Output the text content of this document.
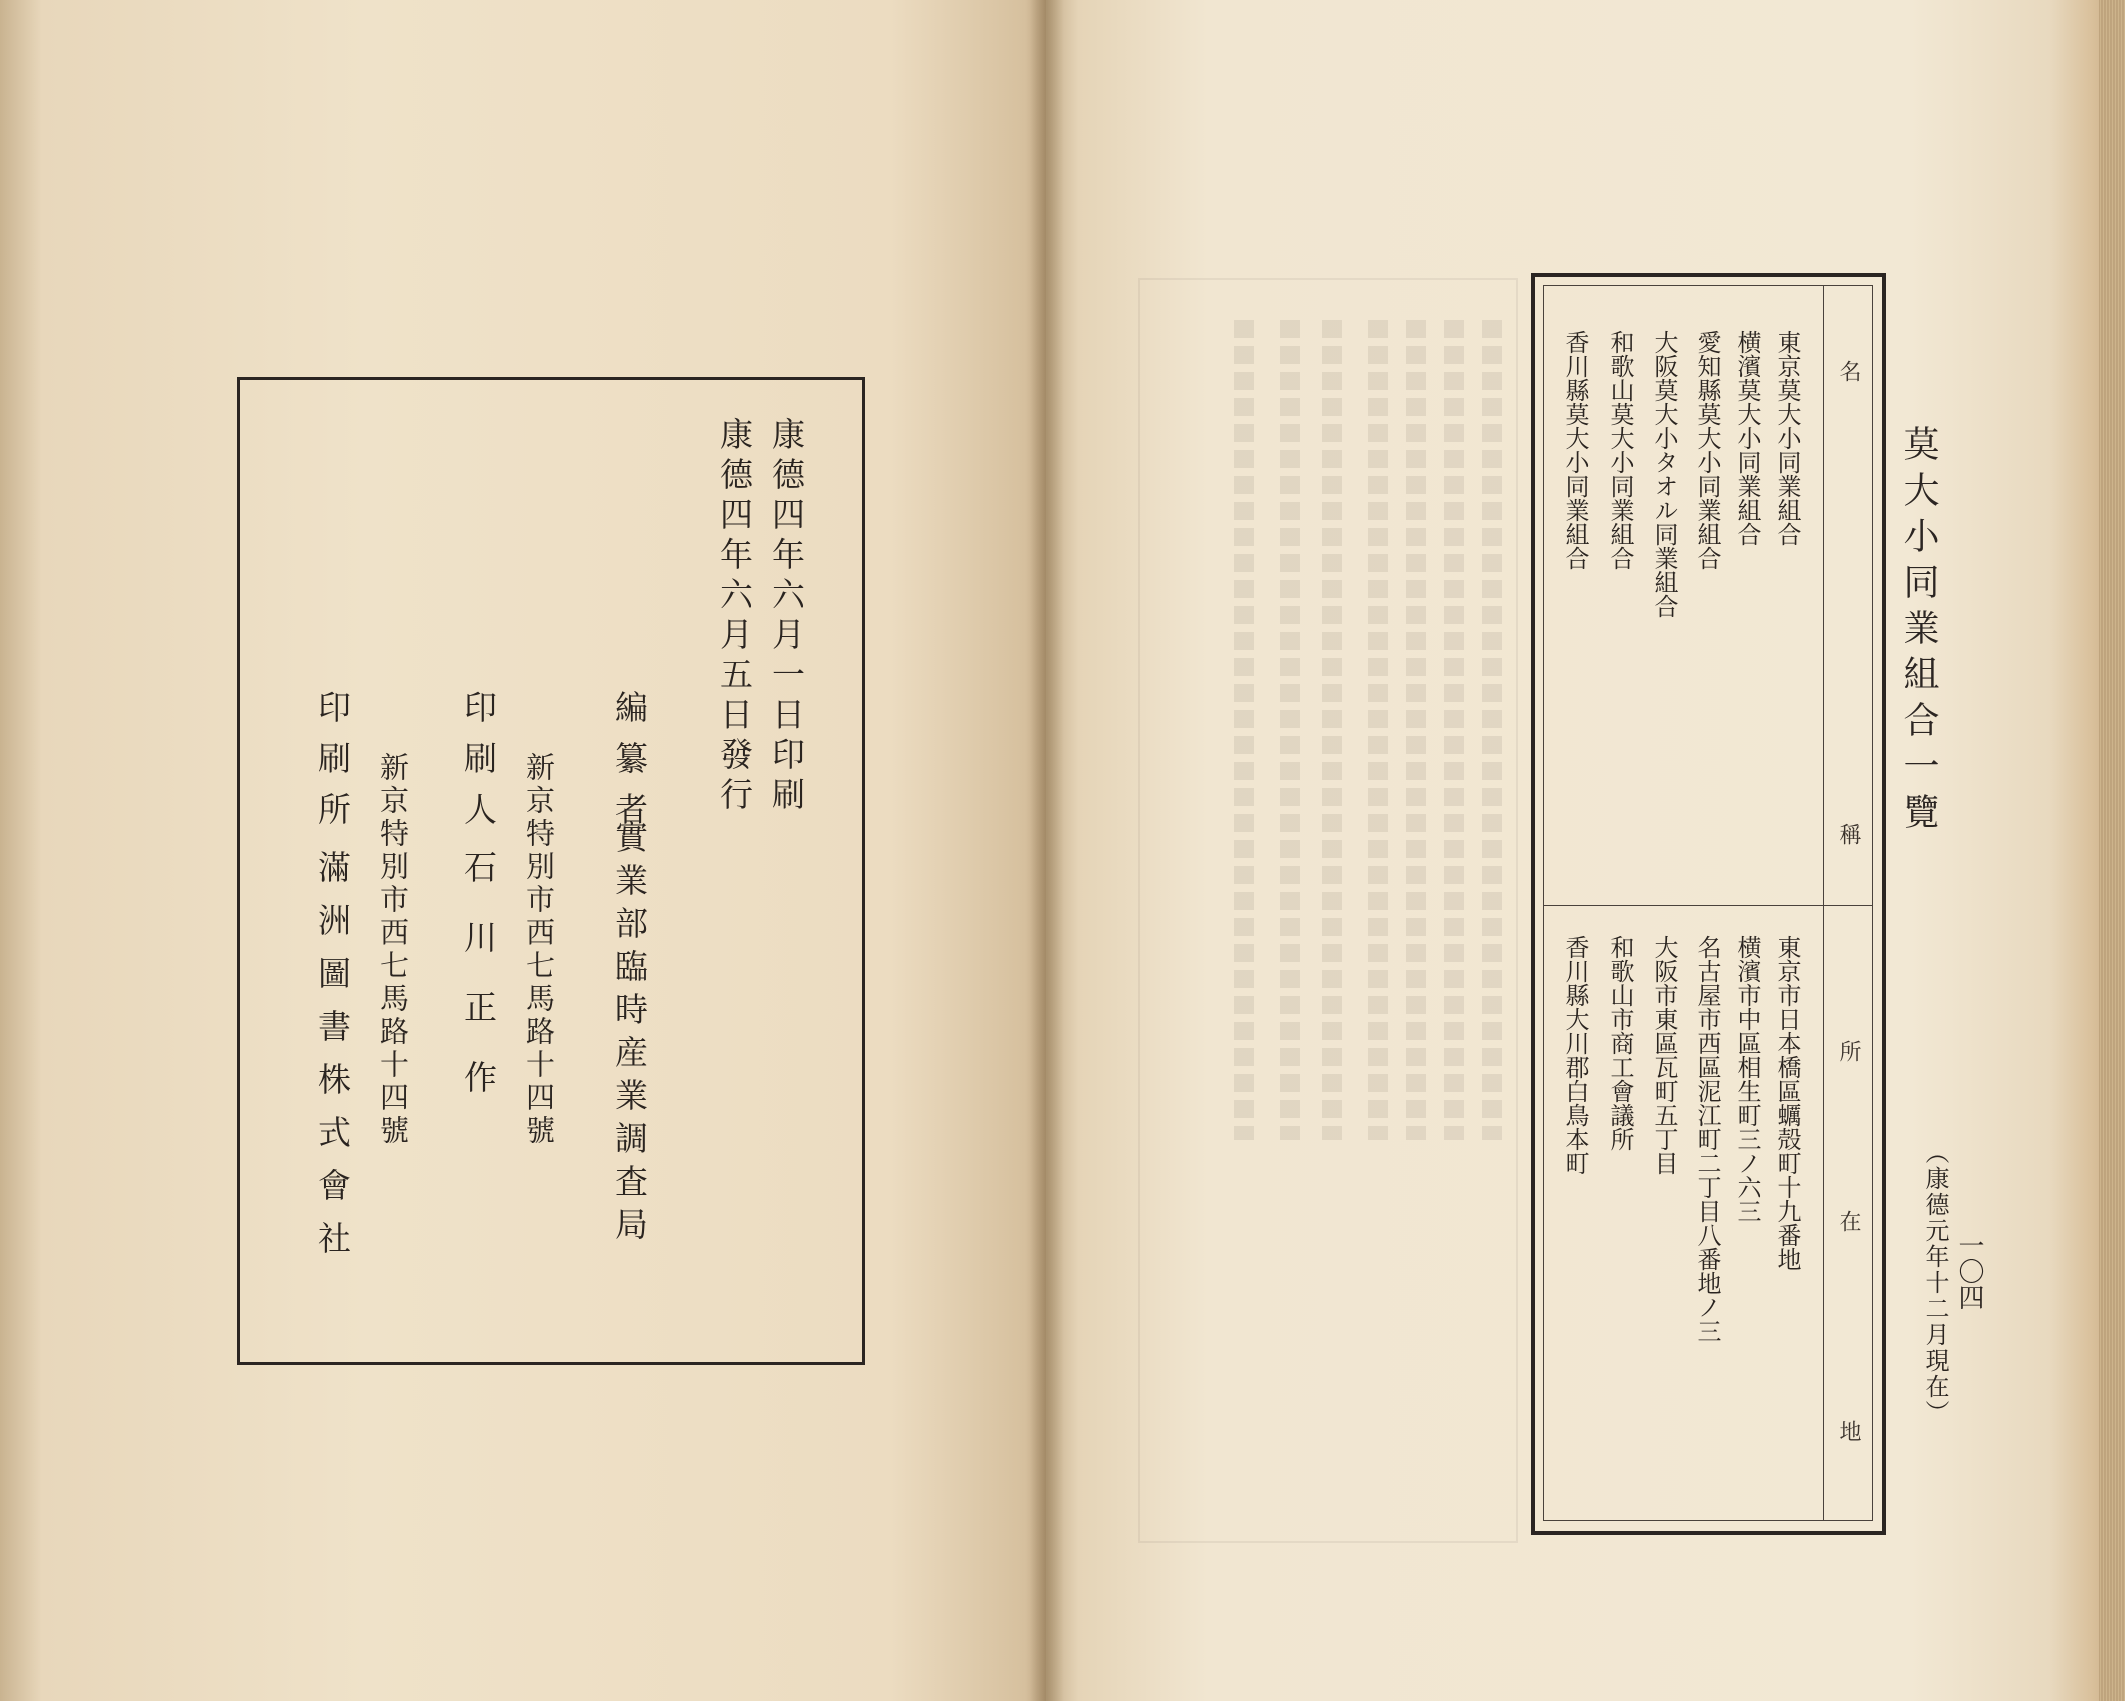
康德四年六月一日印刷
康德四年六月五日發行
編纂者
實業部臨時産業調査局
新京特別市西七馬路十四號
印刷人
石　川　正　作
新京特別市西七馬路十四號
印刷所
滿洲圖書株式會社
莫大小同業組合一覽
（康德元年十二月現在） 一〇四
名
稱
所
在
地
東京莫大小同業組合
横濱莫大小同業組合
愛知縣莫大小同業組合
大阪莫大小タオル同業組合
和歌山莫大小同業組合
香川縣莫大小同業組合
東京市日本橋區蠣殻町十九番地
横濱市中區相生町三ノ六三
名古屋市西區泥江町二丁目八番地ノ三
大阪市東區瓦町五丁目
和歌山市商工會議所
香川縣大川郡白鳥本町
